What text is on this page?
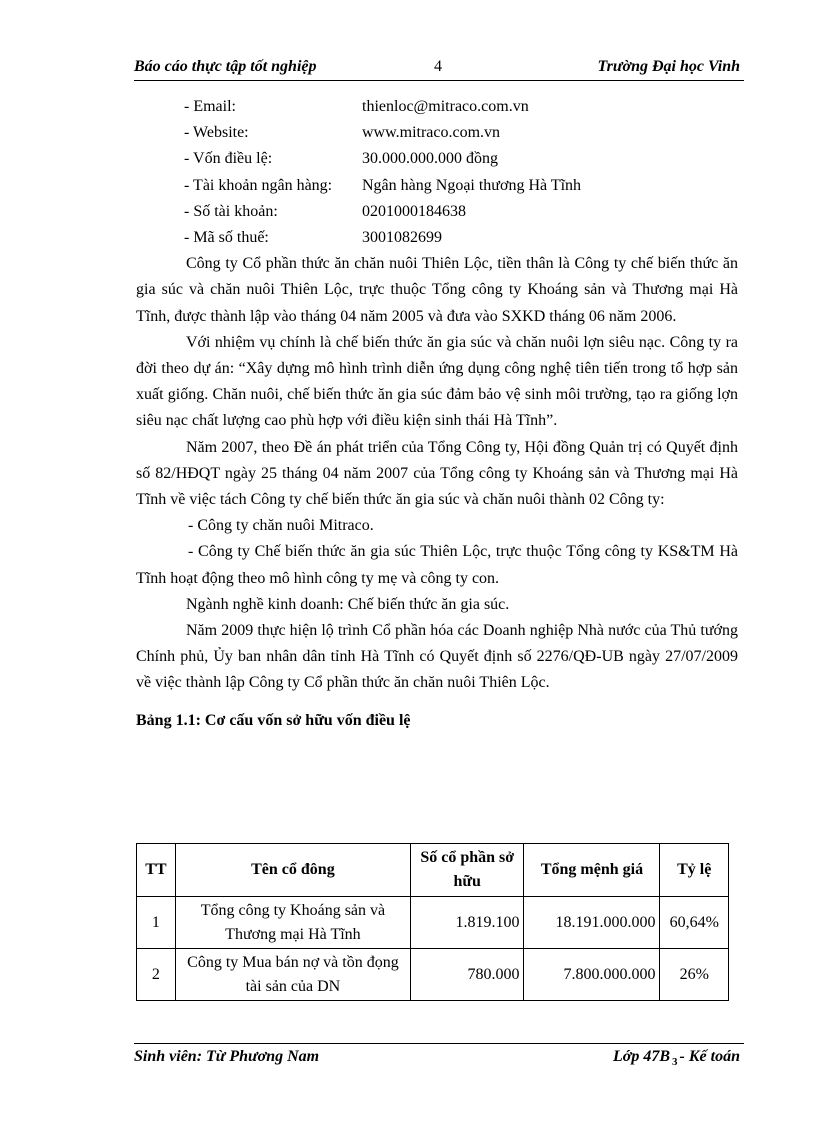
Báo cáo thực tập tốt nghiệp	4	Trường Đại học Vinh
- Email:	thienloc@mitraco.com.vn
- Website:	www.mitraco.com.vn
- Vốn điều lệ:	30.000.000.000 đồng
- Tài khoản ngân hàng:	Ngân hàng Ngoại thương Hà Tĩnh
- Số tài khoản:	0201000184638
- Mã số thuế:	3001082699

Công ty Cổ phần thức ăn chăn nuôi Thiên Lộc, tiền thân là Công ty chế biến thức ăn gia súc và chăn nuôi Thiên Lộc, trực thuộc Tổng công ty Khoáng sản và Thương mại Hà Tĩnh, được thành lập vào tháng 04 năm 2005 và đưa vào SXKD tháng 06 năm 2006.

Với nhiệm vụ chính là chế biến thức ăn gia súc và chăn nuôi lợn siêu nạc. Công ty ra đời theo dự án: “Xây dựng mô hình trình diễn ứng dụng công nghệ tiên tiến trong tổ hợp sản xuất giống. Chăn nuôi, chế biến thức ăn gia súc đảm bảo vệ sinh môi trường, tạo ra giống lợn siêu nạc chất lượng cao phù hợp với điều kiện sinh thái Hà Tĩnh”.

Năm 2007, theo Đề án phát triển của Tổng Công ty, Hội đồng Quản trị có Quyết định số 82/HĐQT ngày 25 tháng 04 năm 2007 của Tổng công ty Khoáng sản và Thương mại Hà Tĩnh về việc tách Công ty chế biến thức ăn gia súc và chăn nuôi thành 02 Công ty:

- Công ty chăn nuôi Mitraco.

- Công ty Chế biến thức ăn gia súc Thiên Lộc, trực thuộc Tổng công ty KS&TM Hà Tĩnh hoạt động theo mô hình công ty mẹ và công ty con.

Ngành nghề kinh doanh: Chế biến thức ăn gia súc.

Năm 2009 thực hiện lộ trình Cổ phần hóa các Doanh nghiệp Nhà nước của Thủ tướng Chính phủ, Ủy ban nhân dân tỉnh Hà Tĩnh có Quyết định số 2276/QĐ-UB ngày 27/07/2009 về việc thành lập Công ty Cổ phần thức ăn chăn nuôi Thiên Lộc.

Bảng 1.1: Cơ cấu vốn sở hữu vốn điều lệ
TT	Tên cổ đông	Số cổ phần sở hữu	Tổng mệnh giá	Tỷ lệ
1	Tổng công ty Khoáng sản và Thương mại Hà Tĩnh	1.819.100	18.191.000.000	60,64%
2	Công ty Mua bán nợ và tồn đọng tài sản của DN	780.000	7.800.000.000	26%
Sinh viên: Từ Phương Nam	Lớp 47B $_3$ - Kế toán
